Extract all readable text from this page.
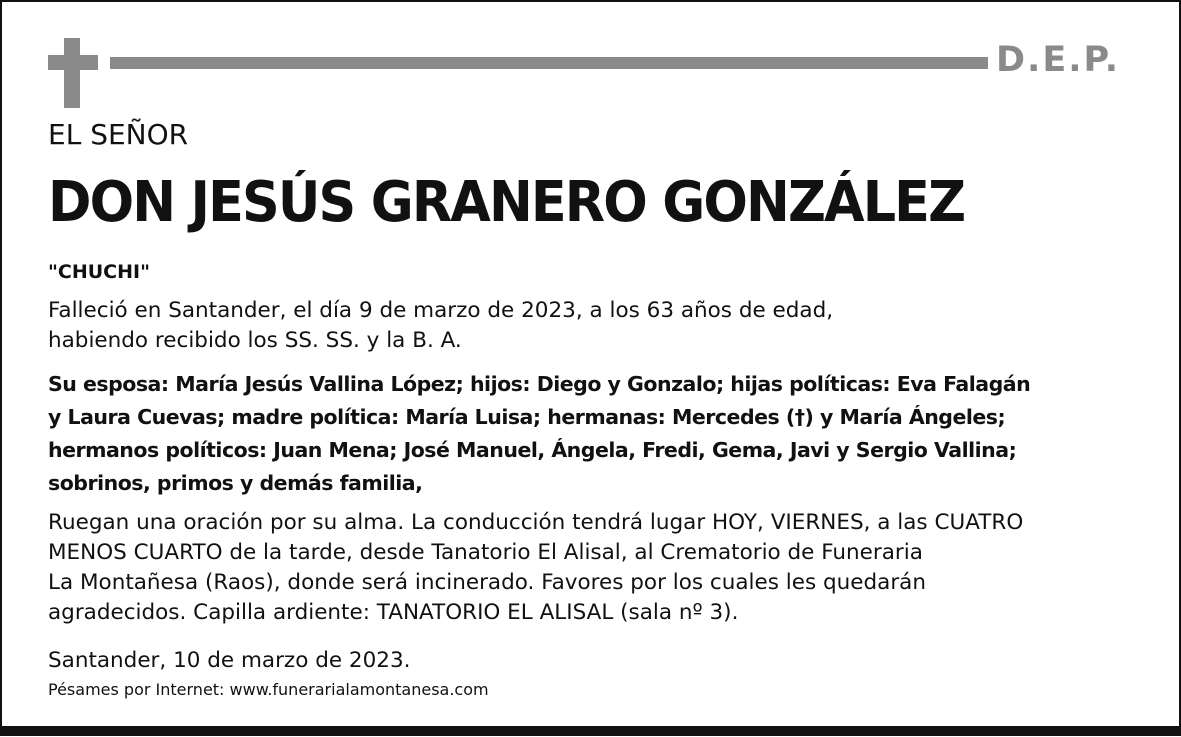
D.E.P.
EL SEÑOR
DON JESÚS GRANERO GONZÁLEZ
"CHUCHI"
Falleció en Santander, el día 9 de marzo de 2023, a los 63 años de edad,
habiendo recibido los SS. SS. y la B. A.
Su esposa: María Jesús Vallina López; hijos: Diego y Gonzalo; hijas políticas: Eva Falagán
y Laura Cuevas; madre política: María Luisa; hermanas: Mercedes (†) y María Ángeles;
hermanos políticos: Juan Mena; José Manuel, Ángela, Fredi, Gema, Javi y Sergio Vallina;
sobrinos, primos y demás familia,
Ruegan una oración por su alma. La conducción tendrá lugar HOY, VIERNES, a las CUATRO
MENOS CUARTO de la tarde, desde Tanatorio El Alisal, al Crematorio de Funeraria
La Montañesa (Raos), donde será incinerado. Favores por los cuales les quedarán
agradecidos. Capilla ardiente: TANATORIO EL ALISAL (sala nº 3).
Santander, 10 de marzo de 2023.
Pésames por Internet: www.funerarialamontanesa.com
